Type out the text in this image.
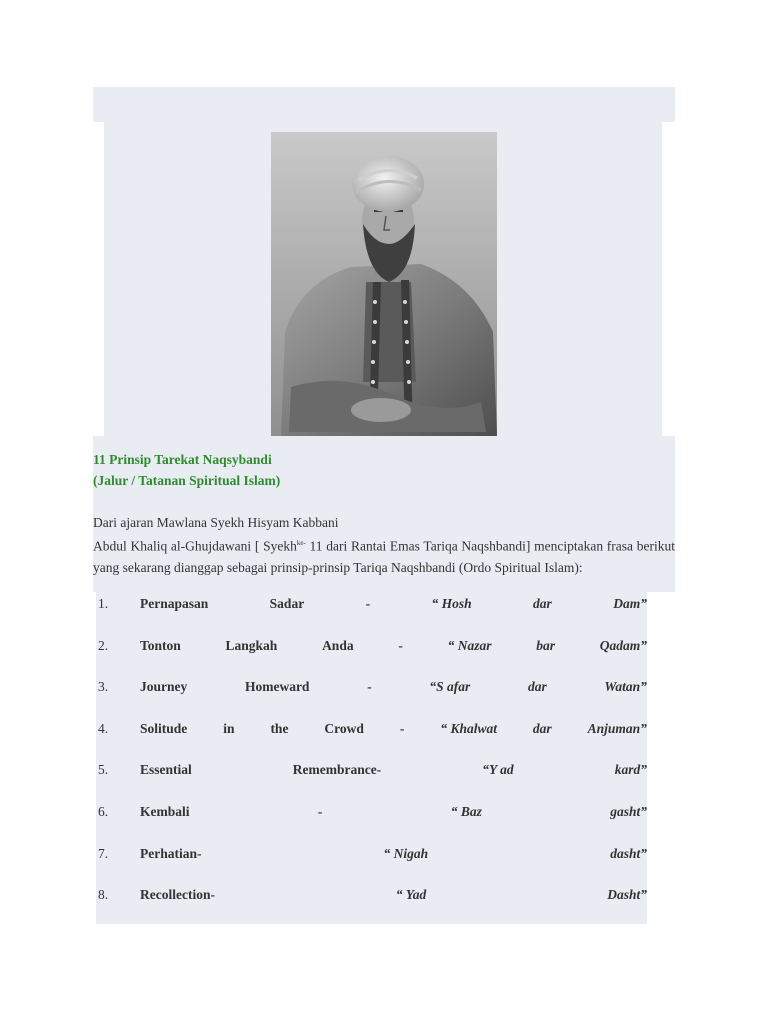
11 Prinsip Tarekat Naqsybandi
(Jalur / Tatanan Spiritual Islam)
Dari ajaran Mawlana Syekh Hisyam Kabbani
Abdul Khaliq al-Ghujdawani [ Syekh$^{ke-}$ 11 dari Rantai Emas Tariqa Naqshbandi] menciptakan frasa berikut yang sekarang dianggap sebagai prinsip-prinsip Tariqa Naqshbandi (Ordo Spiritual Islam):
1.	Pernapasan	Sadar	-	“ Hosh	dar	Dam”
2.	Tonton	Langkah	Anda	-	“ Nazar	bar	Qadam”
3.	Journey	Homeward	-	“S afar	dar	Watan”
4.	Solitude	in	the	Crowd	-	“ Khalwat	dar	Anjuman”
5.	Essential	Remembrance-	“Y ad	kard”
6.	Kembali	-	“ Baz	gasht”
7.	Perhatian-	“ Nigah	dasht”
8.	Recollection-	“ Yad	Dasht”
